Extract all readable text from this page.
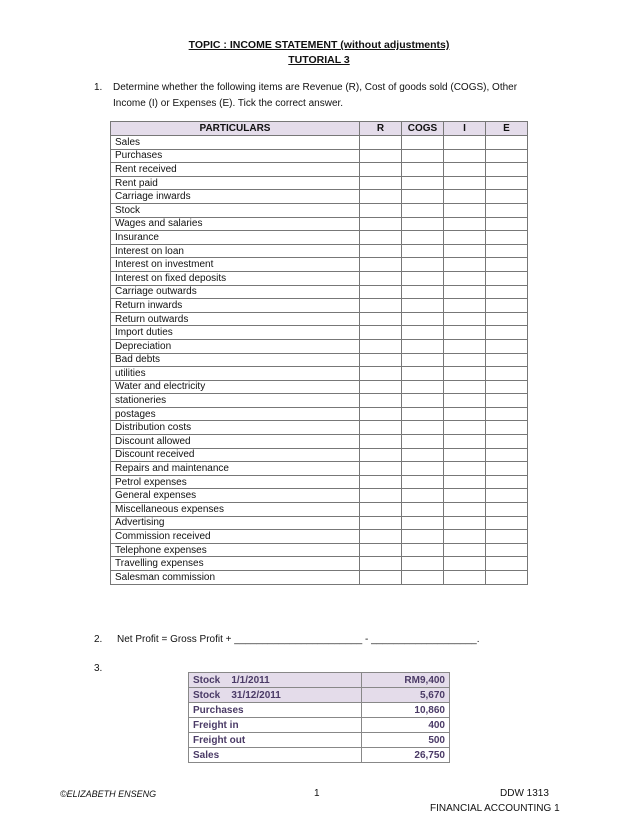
TOPIC : INCOME STATEMENT (without adjustments)
TUTORIAL 3
1. Determine whether the following items are Revenue (R), Cost of goods sold (COGS), Other
Income (I) or Expenses (E). Tick the correct answer.
PARTICULARS	R	COGS	I	E
Sales				
Purchases				
Rent received				
Rent paid				
Carriage inwards				
Stock				
Wages and salaries				
Insurance				
Interest on loan				
Interest on investment				
Interest on fixed deposits				
Carriage outwards				
Return inwards				
Return outwards				
Import duties				
Depreciation				
Bad debts				
utilities				
Water and electricity				
stationeries				
postages				
Distribution costs				
Discount allowed				
Discount received				
Repairs and maintenance				
Petrol expenses				
General expenses				
Miscellaneous expenses				
Advertising				
Commission received				
Telephone expenses				
Travelling expenses				
Salesman commission				
2. Net Profit = Gross Profit + _______________________ - ___________________.
3.
Stock    1/1/2011	RM9,400
Stock    31/12/2011	5,670
Purchases	10,860
Freight in	400
Freight out	500
Sales	26,750
©ELIZABETH ENSENG	1	DDW 1313
FINANCIAL ACCOUNTING 1
